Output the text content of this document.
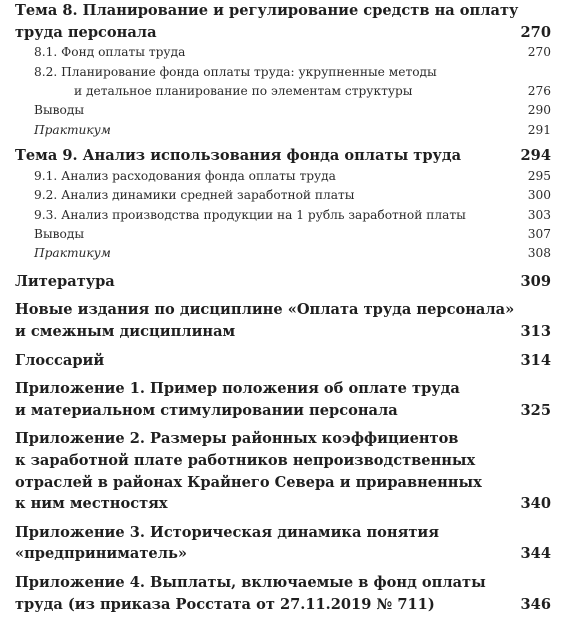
Тема 8. Планирование и регулирование средств на оплату
труда персонала	270
8.1. Фонд оплаты труда	270
8.2. Планирование фонда оплаты труда: укрупненные методы
и детальное планирование по элементам структуры	276
Выводы	290
Практикум	291
Тема 9. Анализ использования фонда оплаты труда	294
9.1. Анализ расходования фонда оплаты труда	295
9.2. Анализ динамики средней заработной платы	300
9.3. Анализ производства продукции на 1 рубль заработной платы	303
Выводы	307
Практикум	308
Литература	309
Новые издания по дисциплине «Оплата труда персонала»
и смежным дисциплинам	313
Глоссарий	314
Приложение 1. Пример положения об оплате труда
и материальном стимулировании персонала	325
Приложение 2. Размеры районных коэффициентов
к заработной плате работников непроизводственных
отраслей в районах Крайнего Севера и приравненных
к ним местностях	340
Приложение 3. Историческая динамика понятия
«предприниматель»	344
Приложение 4. Выплаты, включаемые в фонд оплаты
труда (из приказа Росстата от 27.11.2019 № 711)	346
